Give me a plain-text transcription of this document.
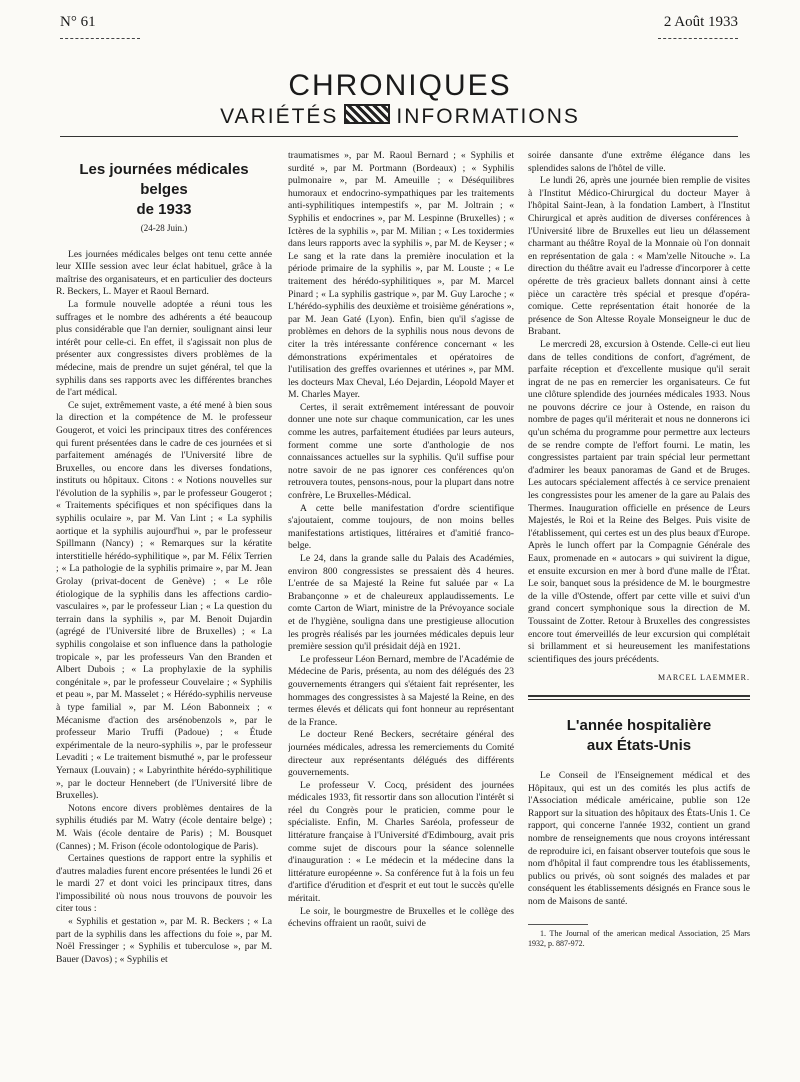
N° 61	2 Août 1933
CHRONIQUES
VARIÉTÉS	INFORMATIONS
Les journées médicales belges
de 1933
(24-28 Juin.)

Les journées médicales belges ont tenu cette année leur XIIIe session avec leur éclat habituel, grâce à la maîtrise des organisateurs, et en particulier des docteurs R. Beckers, L. Mayer et Raoul Bernard.

La formule nouvelle adoptée a réuni tous les suffrages et le nombre des adhérents a été beaucoup plus considérable que l'an dernier, soulignant ainsi leur intérêt pour celle-ci. En effet, il s'agissait non plus de présenter aux congressistes divers problèmes de la médecine, mais de prendre un sujet général, tel que la syphilis dans ses rapports avec les différentes branches de l'art médical.

Ce sujet, extrêmement vaste, a été mené à bien sous la direction et la compétence de M. le professeur Gougerot, et voici les principaux titres des conférences qui furent présentées dans le cadre de ces journées et si parfaitement aménagés de l'Université libre de Bruxelles, ou encore dans les diverses fondations, instituts ou hôpitaux. Citons : « Notions nouvelles sur l'évolution de la syphilis », par le professeur Gougerot ; « Traitements spécifiques et non spécifiques dans la syphilis oculaire », par M. Van Lint ; « La syphilis aortique et la syphilis aujourd'hui », par le professeur Spillmann (Nancy) ; « Remarques sur la kératite interstitielle hérédo-syphilitique », par M. Félix Terrien ; « La pathologie de la syphilis primaire », par M. Jean Grolay (privat-docent de Genève) ; « Le rôle étiologique de la syphilis dans les affections cardio-vasculaires », par le professeur Lian ; « La question du terrain dans la syphilis », par M. Benoit Dujardin (agrégé de l'Université libre de Bruxelles) ; « La syphilis congolaise et son influence dans la pathologie tropicale », par les professeurs Van den Branden et Albert Dubois ; « La prophylaxie de la syphilis congénitale », par le professeur Couvelaire ; « Syphilis et peau », par M. Masselet ; « Hérédo-syphilis nerveuse à type familial », par M. Léon Babonneix ; « Mécanisme d'action des arsénobenzols », par le professeur Mario Truffi (Padoue) ; « Étude expérimentale de la neuro-syphilis », par le professeur Levaditi ; « Le traitement bismuthé », par le professeur Yernaux (Louvain) ; « Labyrinthite hérédo-syphilitique », par le docteur Hennebert (de l'Université libre de Bruxelles).

Notons encore divers problèmes dentaires de la syphilis étudiés par M. Watry (école dentaire belge) ; M. Wais (école dentaire de Paris) ; M. Bousquet (Cannes) ; M. Frison (école odontologique de Paris).

Certaines questions de rapport entre la syphilis et d'autres maladies furent encore présentées le lundi 26 et le mardi 27 et dont voici les principaux titres, dans l'impossibilité où nous nous trouvons de pouvoir les citer tous :

« Syphilis et gestation », par M. R. Beckers ; « La part de la syphilis dans les affections du foie », par M. Noël Fressinger ; « Syphilis et tuberculose », par M. Bauer (Davos) ; « Syphilis et

traumatismes », par M. Raoul Bernard ; « Syphilis et surdité », par M. Portmann (Bordeaux) ; « Syphilis pulmonaire », par M. Ameuille ; « Déséquilibres humoraux et endocrino-sympathiques par les traitements anti-syphilitiques intempestifs », par M. Joltrain ; « Syphilis et endocrines », par M. Lespinne (Bruxelles) ; « Ictères de la syphilis », par M. Milian ; « Les toxidermies dans leurs rapports avec la syphilis », par M. de Keyser ; « Le sang et la rate dans la première inoculation et la période primaire de la syphilis », par M. Louste ; « Le traitement des hérédo-syphilitiques », par M. Marcel Pinard ; « La syphilis gastrique », par M. Guy Laroche ; « L'hérédo-syphilis des deuxième et troisième générations », par M. Jean Gaté (Lyon). Enfin, bien qu'il s'agisse de problèmes en dehors de la syphilis nous nous devons de citer la très intéressante conférence concernant « les démonstrations expérimentales et opératoires de l'utilisation des greffes ovariennes et utérines », par MM. les docteurs Max Cheval, Léo Dejardin, Léopold Mayer et M. Charles Mayer.

Certes, il serait extrêmement intéressant de pouvoir donner une note sur chaque communication, car les unes comme les autres, parfaitement étudiées par leurs auteurs, forment comme une sorte d'anthologie de nos connaissances actuelles sur la syphilis. Qu'il suffise pour notre savoir de ne pas ignorer ces conférences qu'on retrouvera toutes, pensons-nous, pour la plupart dans notre confrère, Le Bruxelles-Médical.

A cette belle manifestation d'ordre scientifique s'ajoutaient, comme toujours, de non moins belles manifestations artistiques, littéraires et d'amitié franco-belge.

Le 24, dans la grande salle du Palais des Académies, environ 800 congressistes se pressaient dès 4 heures. L'entrée de sa Majesté la Reine fut saluée par « La Brabançonne » et de chaleureux applaudissements. Le comte Carton de Wiart, ministre de la Prévoyance sociale et de l'hygiène, souligna dans une prestigieuse allocution les progrès réalisés par les journées médicales depuis leur première session qu'il présidait déjà en 1921.

Le professeur Léon Bernard, membre de l'Académie de Médecine de Paris, présenta, au nom des délégués des 23 gouvernements étrangers qui s'étaient fait représenter, les hommages des congressistes à sa Majesté la Reine, en des termes élevés et délicats qui font honneur au représentant de la France.

Le docteur René Beckers, secrétaire général des journées médicales, adressa les remerciements du Comité directeur aux représentants délégués des différents gouvernements.

Le professeur V. Cocq, président des journées médicales 1933, fit ressortir dans son allocution l'intérêt si réel du Congrès pour le praticien, comme pour le spécialiste. Enfin, M. Charles Saréola, professeur de littérature française à l'Université d'Edimbourg, avait pris comme sujet de discours pour la séance solennelle d'inauguration : « Le médecin et la médecine dans la littérature européenne ». Sa conférence fut à la fois un feu d'artifice d'érudition et d'esprit et eut tout le succès qu'elle méritait.

Le soir, le bourgmestre de Bruxelles et le collège des échevins offraient un raoût, suivi de

soirée dansante d'une extrême élégance dans les splendides salons de l'hôtel de ville.

Le lundi 26, après une journée bien remplie de visites à l'Institut Médico-Chirurgical du docteur Mayer à l'hôpital Saint-Jean, à la fondation Lambert, à l'Institut Chirurgical et après audition de diverses conférences à l'Université libre de Bruxelles eut lieu un délassement charmant au théâtre Royal de la Monnaie où l'on donnait en représentation de gala : « Mam'zelle Nitouche ». La direction du théâtre avait eu l'adresse d'incorporer à cette opérette de très gracieux ballets donnant ainsi à cette pièce un caractère très spécial et presque d'opéra-comique. Cette représentation était honorée de la présence de Son Altesse Royale Monseigneur le duc de Brabant.

Le mercredi 28, excursion à Ostende. Celle-ci eut lieu dans de telles conditions de confort, d'agrément, de parfaite réception et d'excellente musique qu'il serait ingrat de ne pas en remercier les organisateurs. Ce fut une clôture splendide des journées médicales 1933. Nous ne pouvons décrire ce jour à Ostende, en raison du nombre de pages qu'il mériterait et nous ne donnerons ici qu'un schéma du programme pour permettre aux lecteurs de se rendre compte de l'effort fourni. Le matin, les congressistes partaient par train spécial leur permettant d'admirer les beaux panoramas de Gand et de Bruges. Les autocars spécialement affectés à ce service prenaient les congressistes pour les amener de la gare au Palais des Thermes. Inauguration officielle en présence de Leurs Majestés, le Roi et la Reine des Belges. Puis visite de l'établissement, qui certes est un des plus beaux d'Europe. Après le lunch offert par la Compagnie Générale des Eaux, promenade en « autocars » qui suivirent la digue, et ensuite excursion en mer à bord d'une malle de l'État. Le soir, banquet sous la présidence de M. le bourgmestre de la ville d'Ostende, offert par cette ville et suivi d'un grand concert symphonique sous la direction de M. Toussaint de Zotter. Retour à Bruxelles des congressistes encore tout émerveillés de leur excursion qui complétait si brillamment et si heureusement les manifestations scientifiques des jours précédents.

MARCEL LAEMMER.
L'année hospitalière
aux États-Unis

Le Conseil de l'Enseignement médical et des Hôpitaux, qui est un des comités les plus actifs de l'Association médicale américaine, publie son 12e Rapport sur la situation des hôpitaux des États-Unis 1. Ce rapport, qui concerne l'année 1932, contient un grand nombre de renseignements que nous croyons intéressant de reproduire ici, en faisant observer toutefois que sous le nom d'hôpital il faut comprendre tous les établissements, publics ou privés, où sont soignés des malades et par conséquent les établissements désignés en France sous le nom de Maisons de santé.

1. The Journal of the american medical Association, 25 Mars 1932, p. 887-972.
